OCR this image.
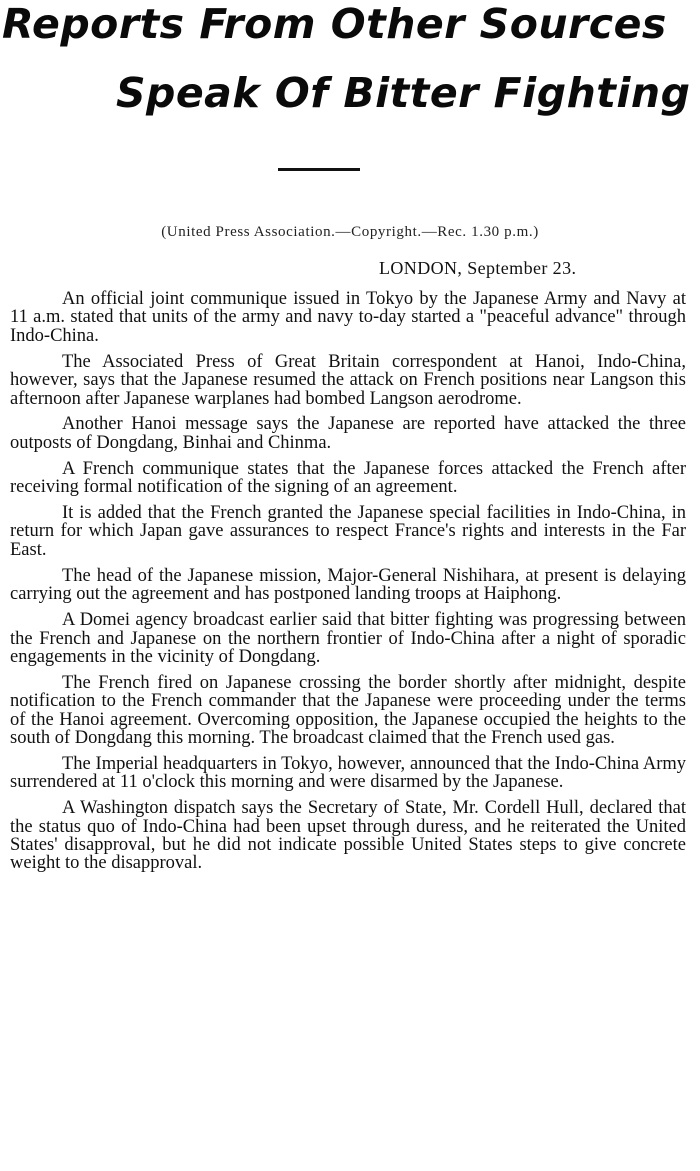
Reports From Other Sources
Speak Of Bitter Fighting
(United Press Association.—Copyright.—Rec. 1.30 p.m.)
LONDON, September 23.

An official joint communique issued in Tokyo by the Japanese Army and Navy at 11 a.m. stated that units of the army and navy to-day started a "peaceful advance" through Indo-China.

The Associated Press of Great Britain correspondent at Hanoi, Indo-China, however, says that the Japanese resumed the attack on French positions near Langson this afternoon after Japanese warplanes had bombed Langson aerodrome.

Another Hanoi message says the Japanese are reported have attacked the three outposts of Dongdang, Binhai and Chinma.

A French communique states that the Japanese forces attacked the French after receiving formal notification of the signing of an agreement.

It is added that the French granted the Japanese special facilities in Indo-China, in return for which Japan gave assurances to respect France's rights and interests in the Far East.

The head of the Japanese mission, Major-General Nishihara, at present is delaying carrying out the agreement and has postponed landing troops at Haiphong.

A Domei agency broadcast earlier said that bitter fighting was progressing between the French and Japanese on the northern frontier of Indo-China after a night of sporadic engagements in the vicinity of Dongdang.

The French fired on Japanese crossing the border shortly after midnight, despite notification to the French commander that the Japanese were proceeding under the terms of the Hanoi agreement. Overcoming opposition, the Japanese occupied the heights to the south of Dongdang this morning. The broadcast claimed that the French used gas.

The Imperial headquarters in Tokyo, however, announced that the Indo-China Army surrendered at 11 o'clock this morning and were disarmed by the Japanese.

A Washington dispatch says the Secretary of State, Mr. Cordell Hull, declared that the status quo of Indo-China had been upset through duress, and he reiterated the United States' disapproval, but he did not indicate possible United States steps to give concrete weight to the disapproval.
